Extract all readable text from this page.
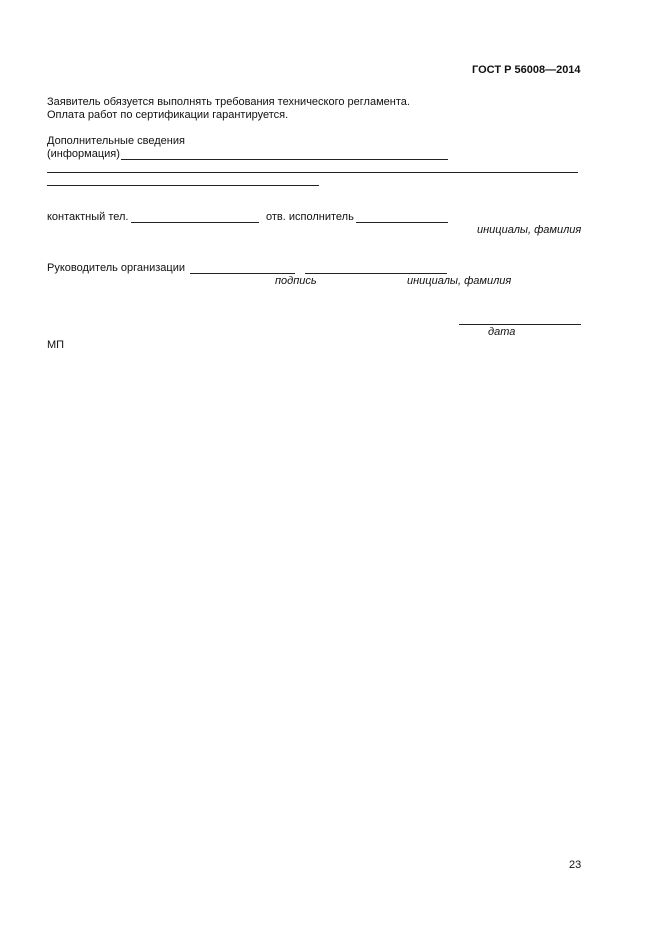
ГОСТ Р 56008—2014
Заявитель обязуется выполнять требования технического регламента.
Оплата работ по сертификации гарантируется.
Дополнительные сведения
(информация)
контактный тел.	отв. исполнитель
инициалы, фамилия
Руководитель организации
подпись	инициалы, фамилия
дата
МП
23
